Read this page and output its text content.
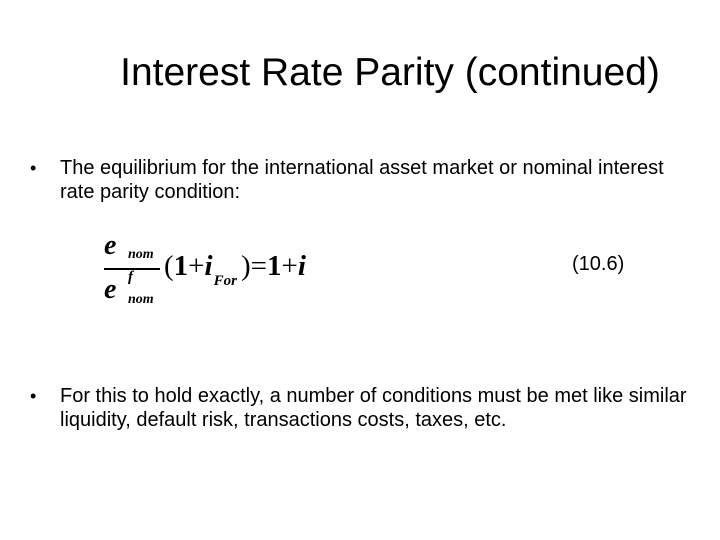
Interest Rate Parity (continued)
• The equilibrium for the international asset market or nominal interest rate parity condition:
e nom
e f
nom
($1+i_{For}$ )=1+i	(10.6)
• For this to hold exactly, a number of conditions must be met like similar liquidity, default risk, transactions costs, taxes, etc.
